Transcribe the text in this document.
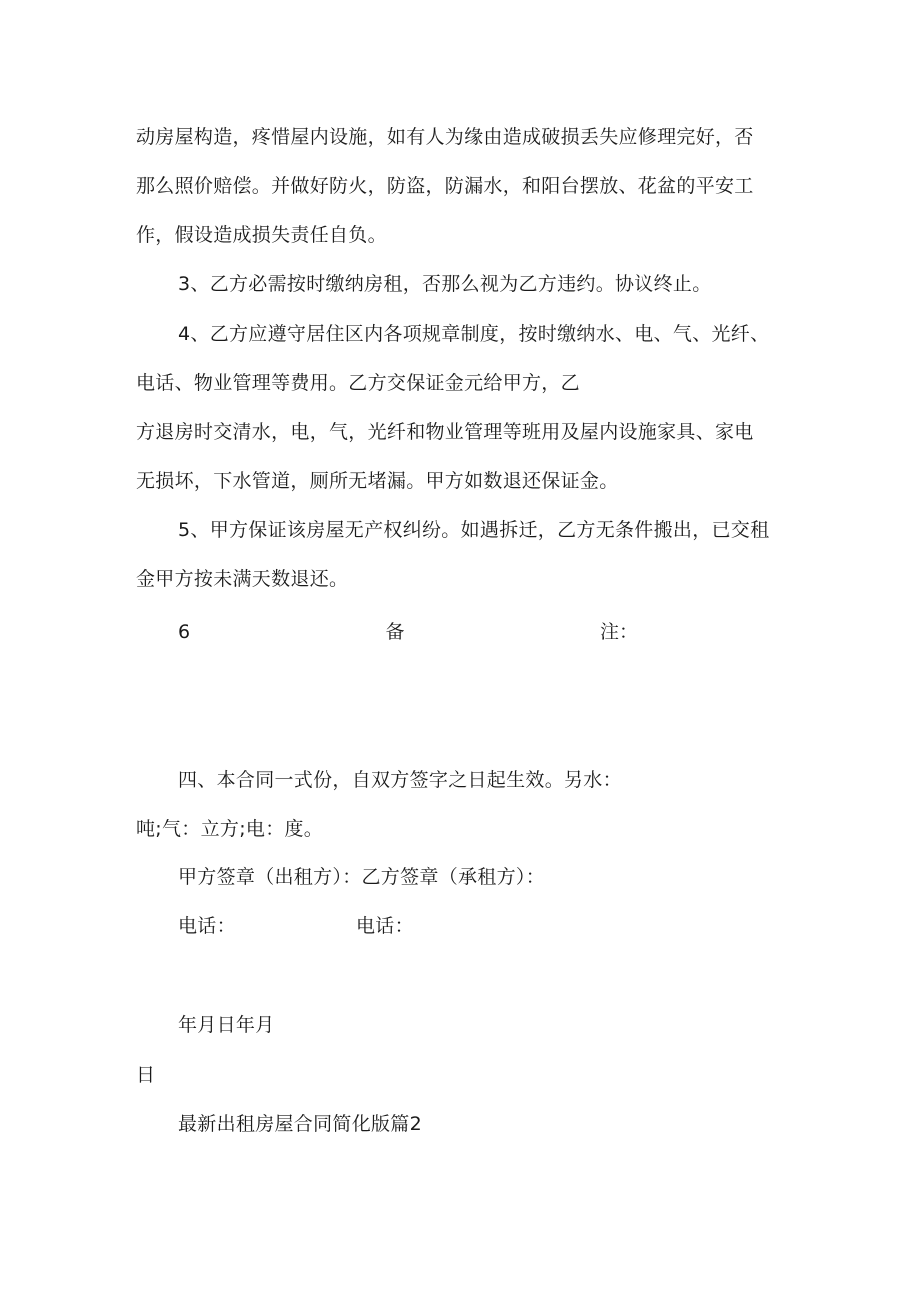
动房屋构造，疼惜屋内设施，如有人为缘由造成破损丢失应修理完好，否
那么照价赔偿。并做好防火，防盗，防漏水，和阳台摆放、花盆的平安工
作，假设造成损失责任自负。
3、乙方必需按时缴纳房租，否那么视为乙方违约。协议终止。
4、乙方应遵守居住区内各项规章制度，按时缴纳水、电、气、光纤、
电话、物业管理等费用。乙方交保证金元给甲方，乙
方退房时交清水，电，气，光纤和物业管理等班用及屋内设施家具、家电
无损坏，下水管道，厕所无堵漏。甲方如数退还保证金。
5、甲方保证该房屋无产权纠纷。如遇拆迁，乙方无条件搬出，已交租
金甲方按未满天数退还。
6	备	注：
四、本合同一式份，自双方签字之日起生效。另水：
吨;气：立方;电：度。
甲方签章（出租方）：乙方签章（承租方）：
电话：	电话：
年月日年月
日
最新出租房屋合同简化版篇2
